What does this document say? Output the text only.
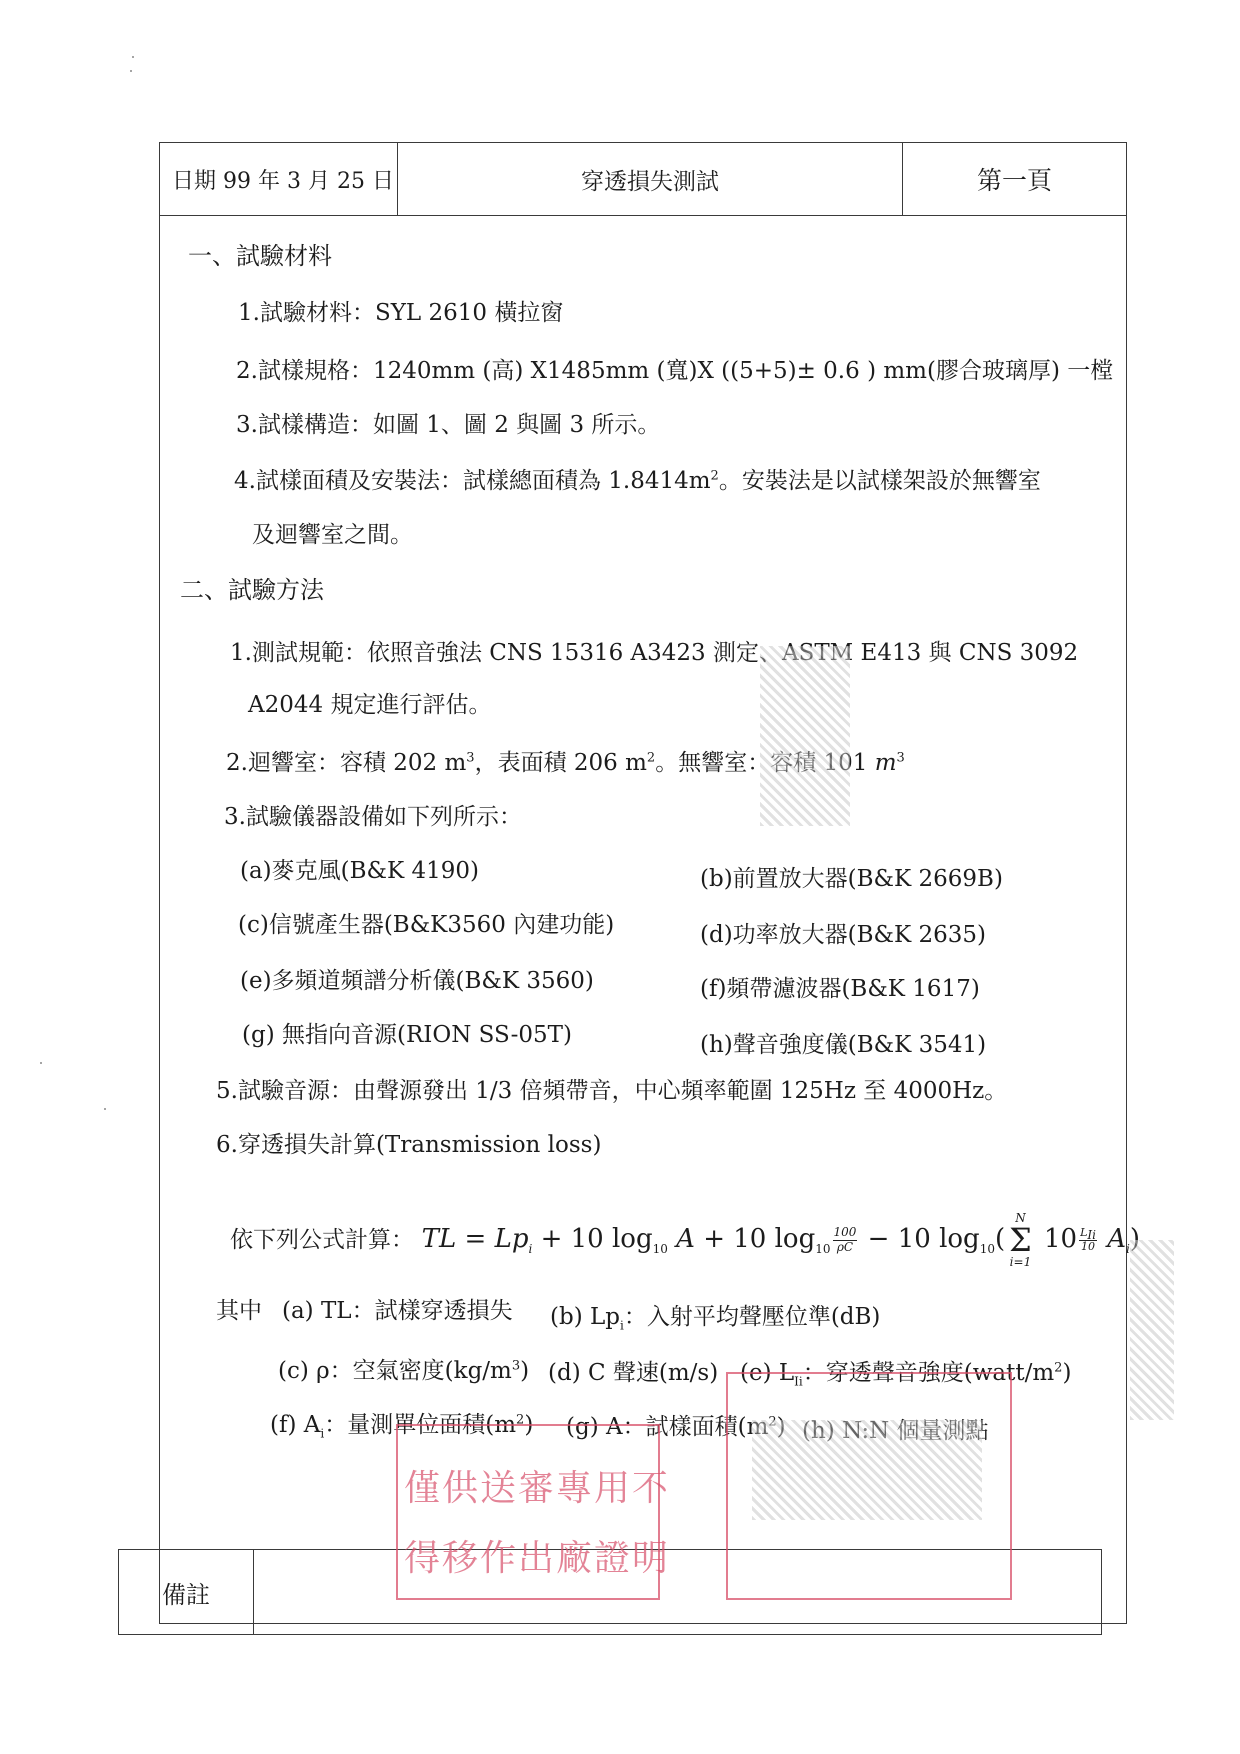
日期 99 年 3 月 25 日	穿透損失測試	第一頁
備註
一、試驗材料
1.試驗材料：SYL 2610 橫拉窗
2.試樣規格：1240mm (高) X1485mm (寬)X ((5+5)± 0.6 ) mm(膠合玻璃厚) 一樘
3.試樣構造：如圖 1、圖 2 與圖 3 所示。
4.試樣面積及安裝法：試樣總面積為 $1.8414m^2$。安裝法是以試樣架設於無響室
及迴響室之間。
二、試驗方法
1.測試規範：依照音強法 CNS 15316 A3423 測定、ASTM E413 與 CNS 3092
A2044 規定進行評估。
2.迴響室：容積 202 $m^3$，表面積 206 $m^2$。無響室：容積 101 $m^3$
3.試驗儀器設備如下列所示：
(a)麥克風(B&K 4190)	(b)前置放大器(B&K 2669B)
(c)信號產生器(B&K3560 內建功能)	(d)功率放大器(B&K 2635)
(e)多頻道頻譜分析儀(B&K 3560)	(f)頻帶濾波器(B&K 1617)
(g) 無指向音源(RION SS-05T)	(h)聲音強度儀(B&K 3541)
5.試驗音源：由聲源發出 1/3 倍頻帶音，中心頻率範圍 125Hz 至 4000Hz。
6.穿透損失計算(Transmission loss)
依下列公式計算： TL = $Lp_i + 10$ $\log_{10} A + 10$ $\log_{10} \frac{100}{\rho C} - 10$ $\log_{10}$(
N
Σ
i=1
$10 \frac{L_{Ii}}{10} A_i$)
其中 (a) TL：試樣穿透損失 (b) $Lp_i$：入射平均聲壓位準(dB)
(c) ρ：空氣密度$(kg/m^3)$ (d) C 聲速(m/s) (e) $L_{Ii}$：穿透聲音強度$(watt/m^2)$
(f) $A_i$：量測單位面積$(m^2)$ (g) A：試樣面積$(m^2)$ (h) N:N 個量測點
僅供送審專用不
得移作出廠證明
